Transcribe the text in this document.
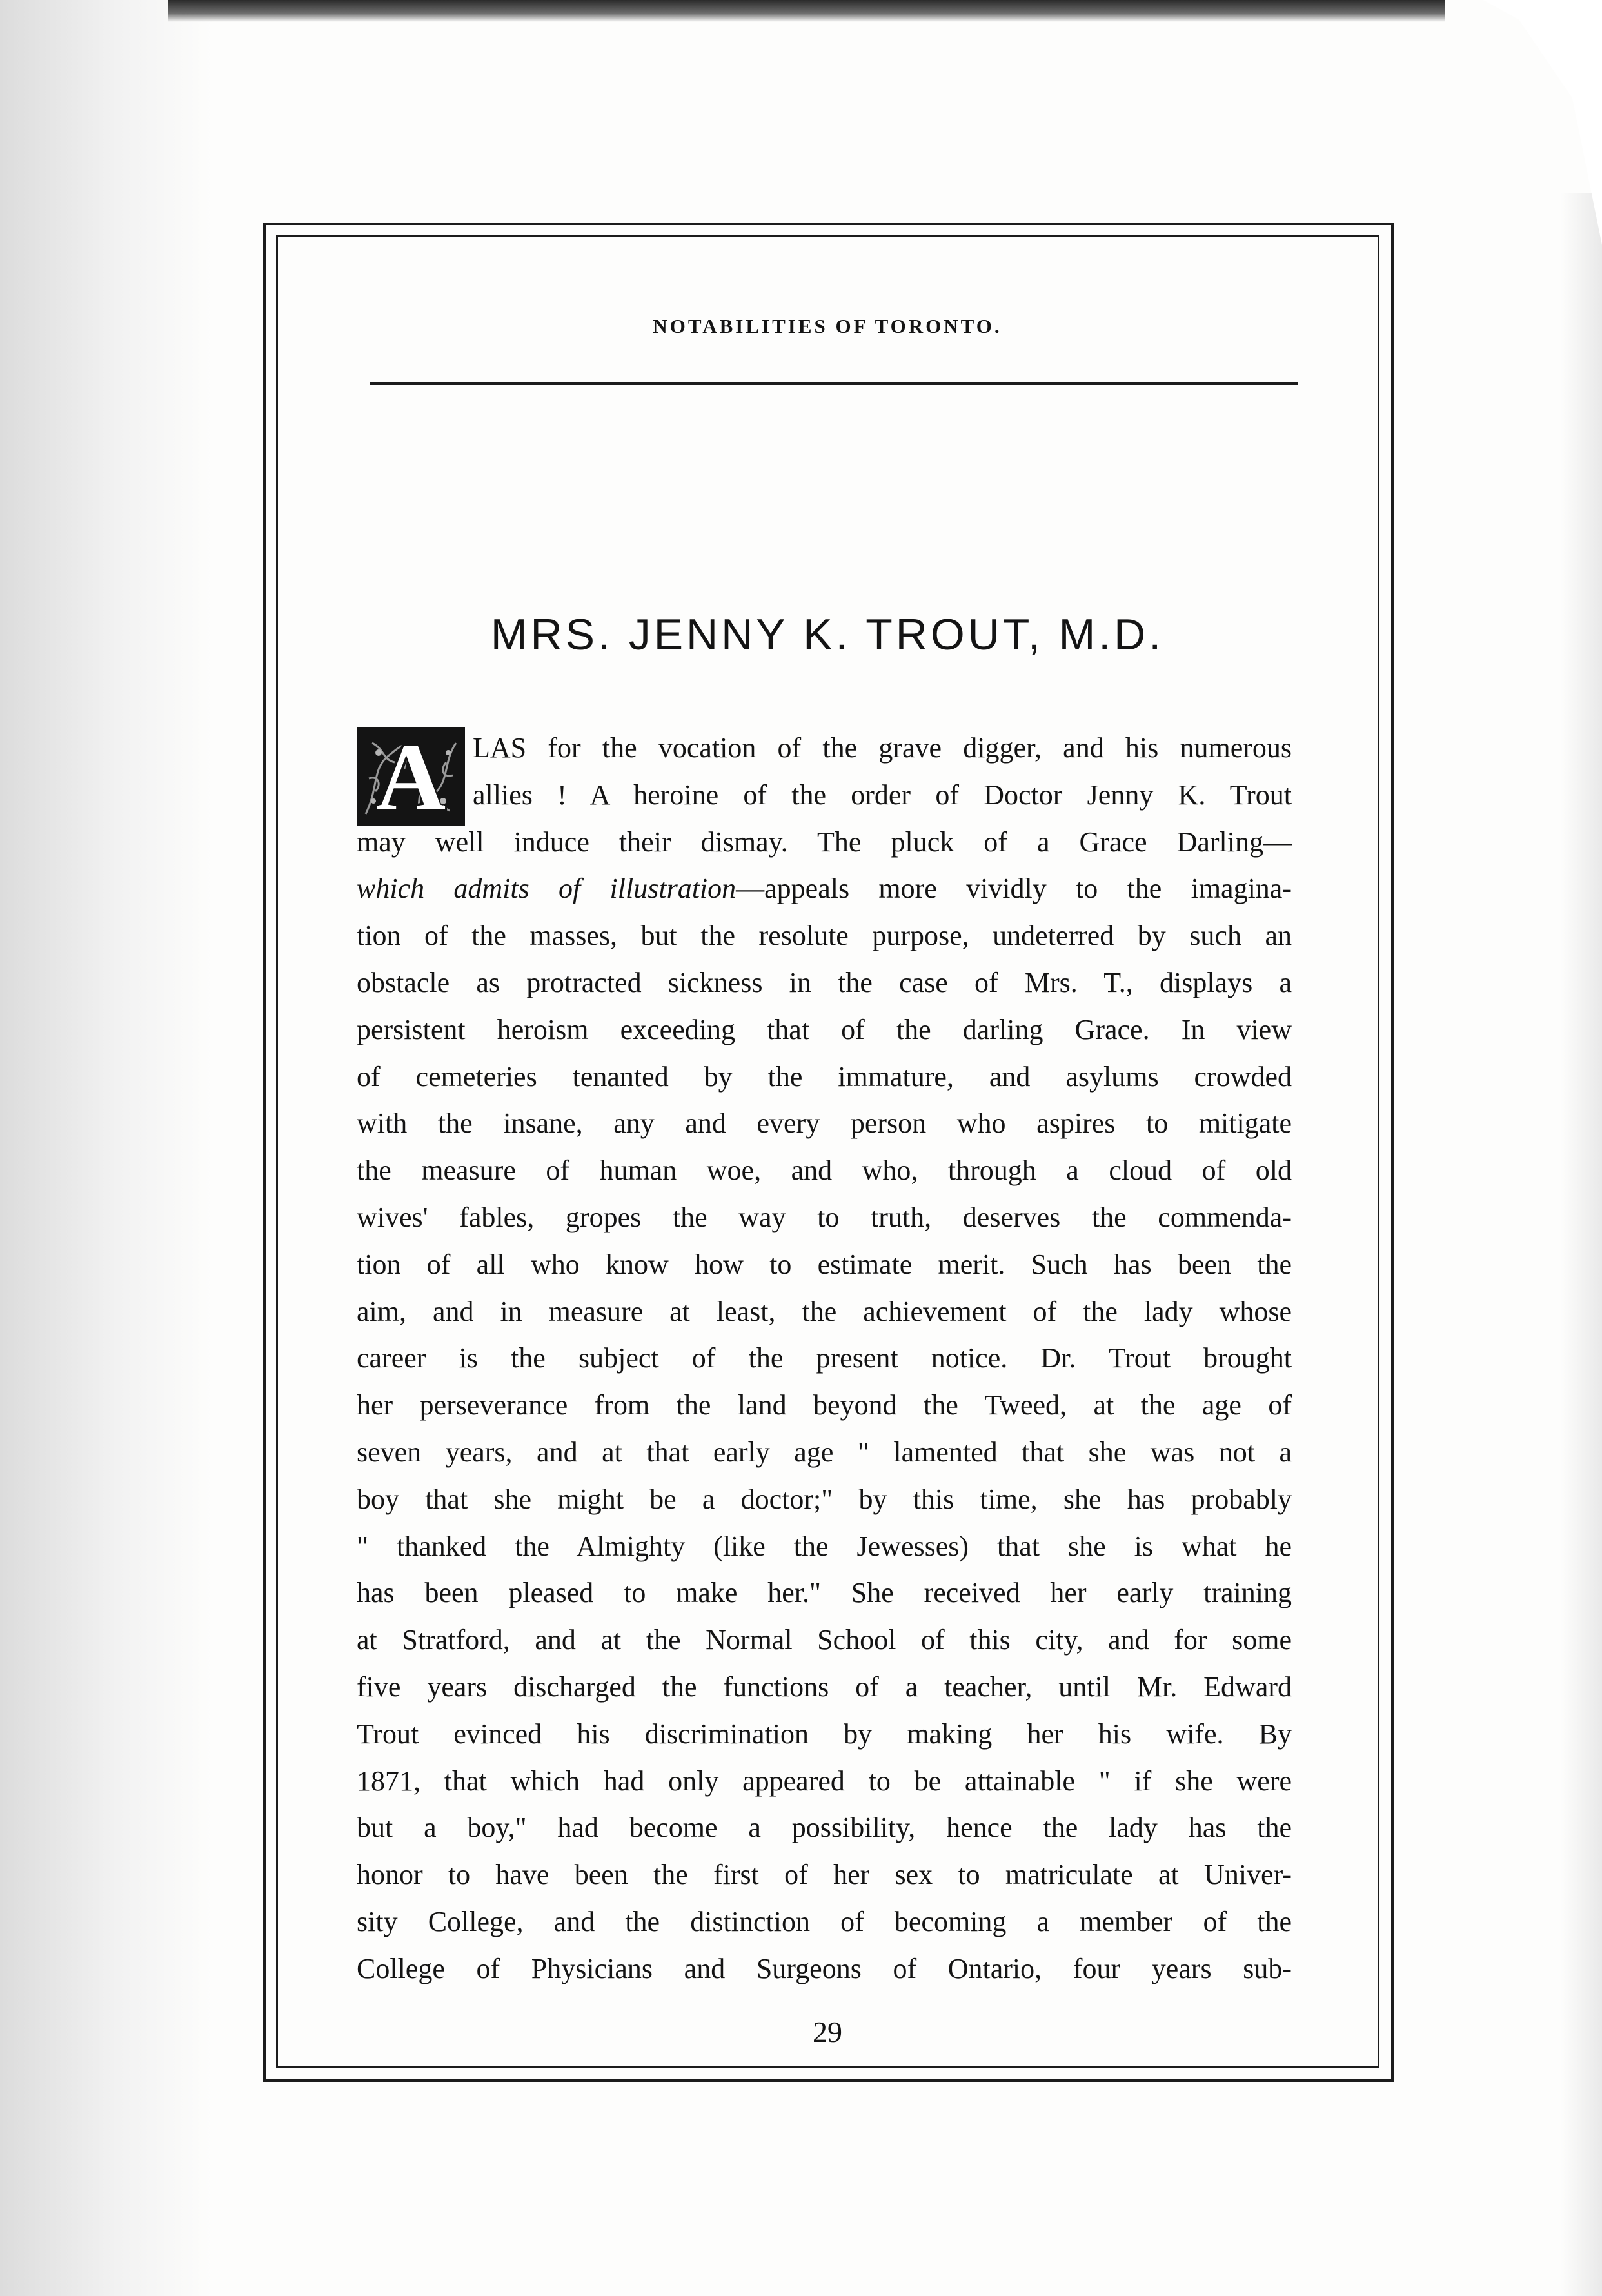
NOTABILITIES OF TORONTO.
MRS. JENNY K. TROUT, M.D.
A LAS for the vocation of the grave digger, and his numerous
allies ! A heroine of the order of Doctor Jenny K. Trout
may well induce their dismay. The pluck of a Grace Darling—
which admits of illustration—appeals more vividly to the imagina-
tion of the masses, but the resolute purpose, undeterred by such an
obstacle as protracted sickness in the case of Mrs. T., displays a
persistent heroism exceeding that of the darling Grace. In view
of cemeteries tenanted by the immature, and asylums crowded
with the insane, any and every person who aspires to mitigate
the measure of human woe, and who, through a cloud of old
wives' fables, gropes the way to truth, deserves the commenda-
tion of all who know how to estimate merit. Such has been the
aim, and in measure at least, the achievement of the lady whose
career is the subject of the present notice. Dr. Trout brought
her perseverance from the land beyond the Tweed, at the age of
seven years, and at that early age " lamented that she was not a
boy that she might be a doctor;" by this time, she has probably
" thanked the Almighty (like the Jewesses) that she is what he
has been pleased to make her." She received her early training
at Stratford, and at the Normal School of this city, and for some
five years discharged the functions of a teacher, until Mr. Edward
Trout evinced his discrimination by making her his wife. By
1871, that which had only appeared to be attainable " if she were
but a boy," had become a possibility, hence the lady has the
honor to have been the first of her sex to matriculate at Univer-
sity College, and the distinction of becoming a member of the
College of Physicians and Surgeons of Ontario, four years sub-
29
